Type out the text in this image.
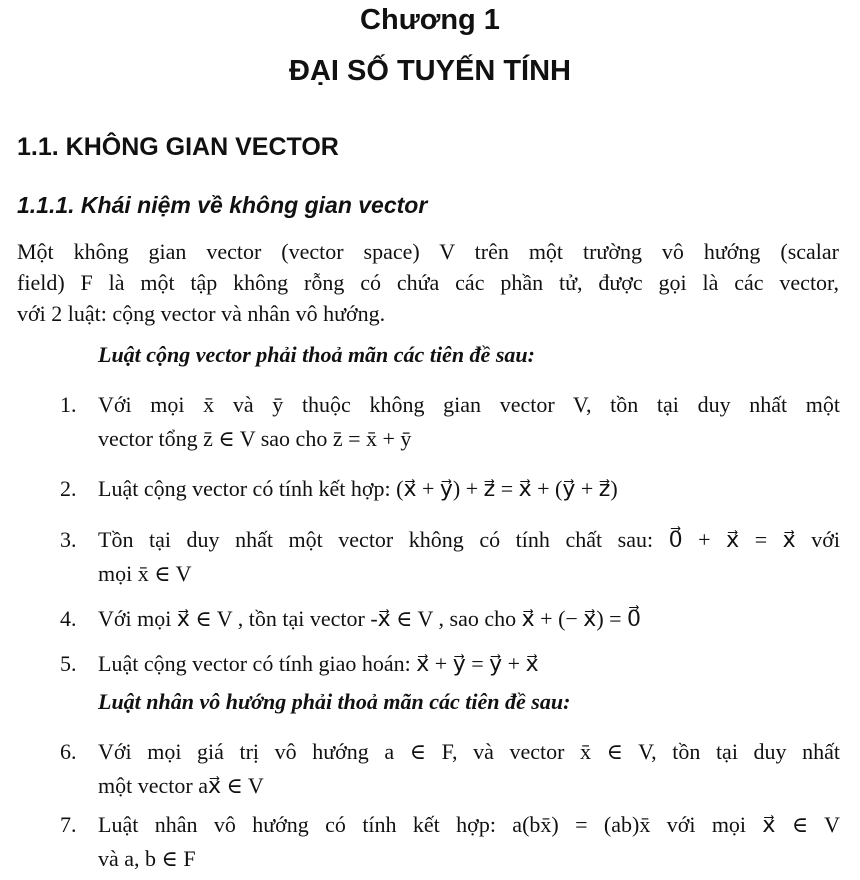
Chương 1
ĐẠI SỐ TUYẾN TÍNH
1.1. KHÔNG GIAN VECTOR
1.1.1. Khái niệm về không gian vector
Một không gian vector (vector space) V trên một trường vô hướng (scalar
field) F là một tập không rỗng có chứa các phần tử, được gọi là các vector,
với 2 luật: cộng vector và nhân vô hướng.
Luật cộng vector phải thoả mãn các tiên đề sau:
1. Với mọi x̄ và ȳ thuộc không gian vector V, tồn tại duy nhất một
vector tổng z̄ ∈ V sao cho z̄ = x̄ + ȳ
2. Luật cộng vector có tính kết hợp: (x⃗ + y⃗) + z⃗ = x⃗ + (y⃗ + z⃗)
3. Tồn tại duy nhất một vector không có tính chất sau: 0⃗ + x⃗ = x⃗ với
mọi x̄ ∈ V
4. Với mọi x⃗ ∈ V , tồn tại vector -x⃗ ∈ V , sao cho x⃗ + (− x⃗) = 0⃗
5. Luật cộng vector có tính giao hoán: x⃗ + y⃗ = y⃗ + x⃗
Luật nhân vô hướng phải thoả mãn các tiên đề sau:
6. Với mọi giá trị vô hướng a ∈ F, và vector x̄ ∈ V, tồn tại duy nhất
một vector ax⃗ ∈ V
7. Luật nhân vô hướng có tính kết hợp: a(bx̄) = (ab)x̄ với mọi x⃗ ∈ V
và a, b ∈ F
